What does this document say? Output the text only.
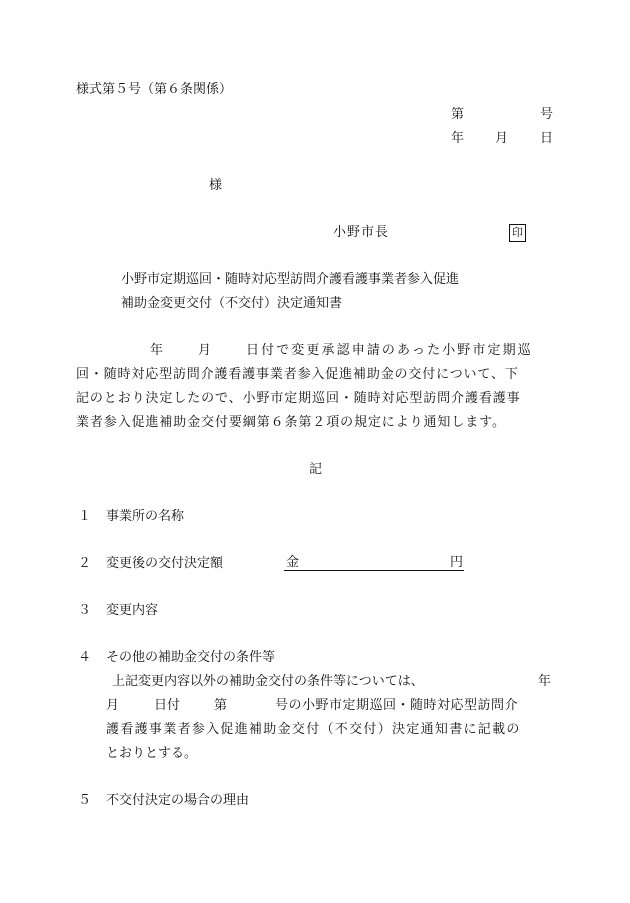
様式第５号（第６条関係）
第	号
年 月 日
様
小野市長	印
小野市定期巡回・随時対応型訪問介護看護事業者参入促進
補助金変更交付（不交付）決定通知書
年	月	日付で変更承認申請のあった小野市定期巡
回・随時対応型訪問介護看護事業者参入促進補助金の交付について、下
記のとおり決定したので、小野市定期巡回・随時対応型訪問介護看護事
業者参入促進補助金交付要綱第６条第２項の規定により通知します。
記
１ 事業所の名称
２ 変更後の交付決定額	金	円
３ 変更内容
４ その他の補助金交付の条件等
上記変更内容以外の補助金交付の条件等については、	年
月	日付	第	号の小野市定期巡回・随時対応型訪問介
護看護事業者参入促進補助金交付（不交付）決定通知書に記載の
とおりとする。
５ 不交付決定の場合の理由
